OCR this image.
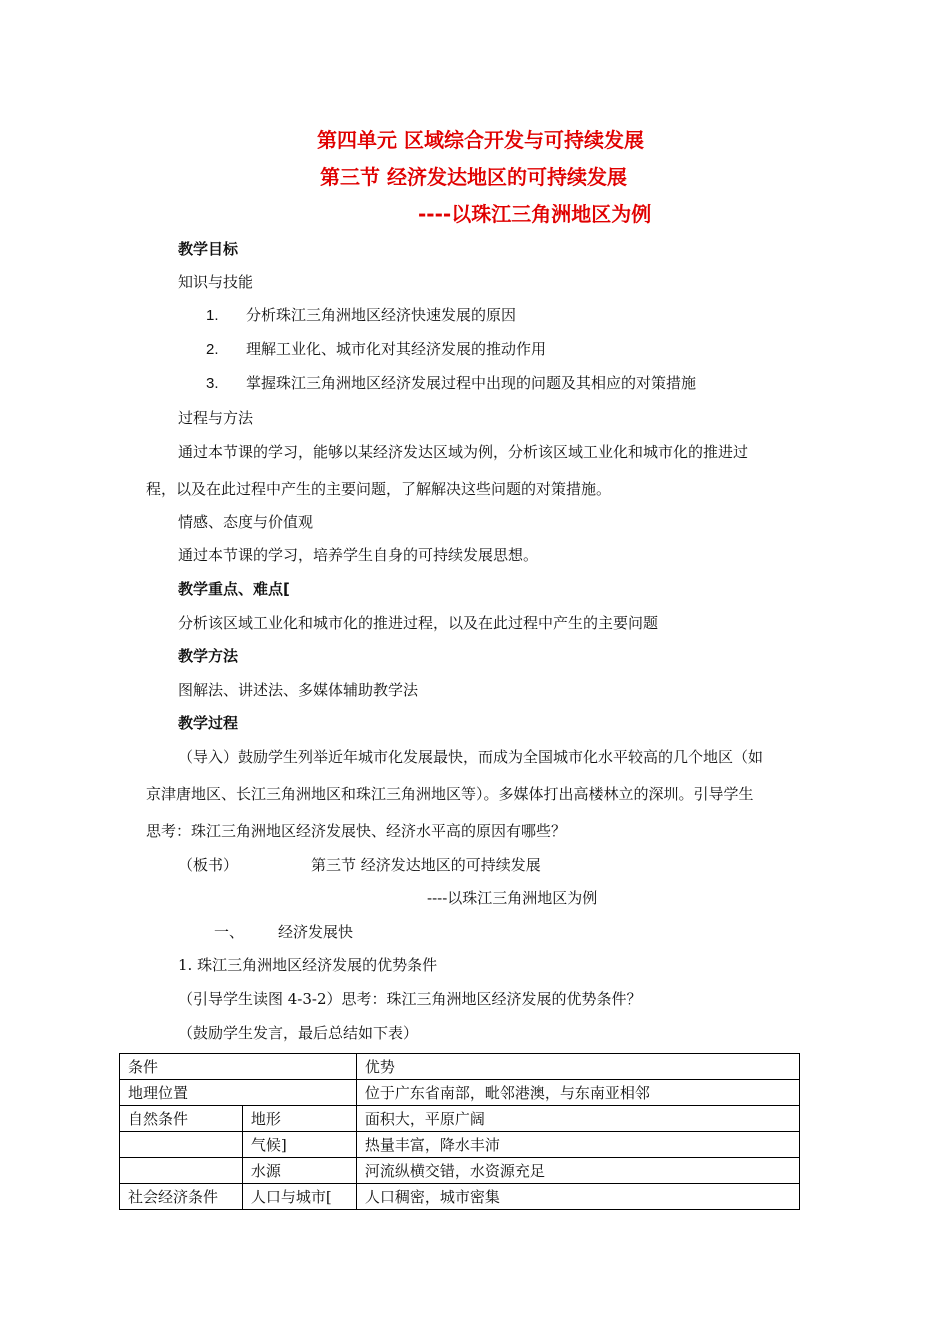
第四单元 区域综合开发与可持续发展
第三节 经济发达地区的可持续发展
----以珠江三角洲地区为例
教学目标
知识与技能
1. 分析珠江三角洲地区经济快速发展的原因
2. 理解工业化、城市化对其经济发展的推动作用
3. 掌握珠江三角洲地区经济发展过程中出现的问题及其相应的对策措施
过程与方法
通过本节课的学习，能够以某经济发达区域为例，分析该区域工业化和城市化的推进过
程，以及在此过程中产生的主要问题，了解解决这些问题的对策措施。
情感、态度与价值观
通过本节课的学习，培养学生自身的可持续发展思想。
教学重点、难点[
分析该区域工业化和城市化的推进过程，以及在此过程中产生的主要问题
教学方法
图解法、讲述法、多媒体辅助教学法
教学过程
（导入）鼓励学生列举近年城市化发展最快，而成为全国城市化水平较高的几个地区（如
京津唐地区、长江三角洲地区和珠江三角洲地区等）。多媒体打出高楼林立的深圳。引导学生
思考：珠江三角洲地区经济发展快、经济水平高的原因有哪些？
（板书）	第三节 经济发达地区的可持续发展
----以珠江三角洲地区为例
一、 经济发展快
1. 珠江三角洲地区经济发展的优势条件
（引导学生读图 4-3-2）思考：珠江三角洲地区经济发展的优势条件？
（鼓励学生发言，最后总结如下表）
条件		优势
地理位置		位于广东省南部，毗邻港澳，与东南亚相邻
自然条件	地形	面积大，平原广阔
	气候]	热量丰富，降水丰沛
	水源	河流纵横交错，水资源充足
社会经济条件	人口与城市[	人口稠密，城市密集
